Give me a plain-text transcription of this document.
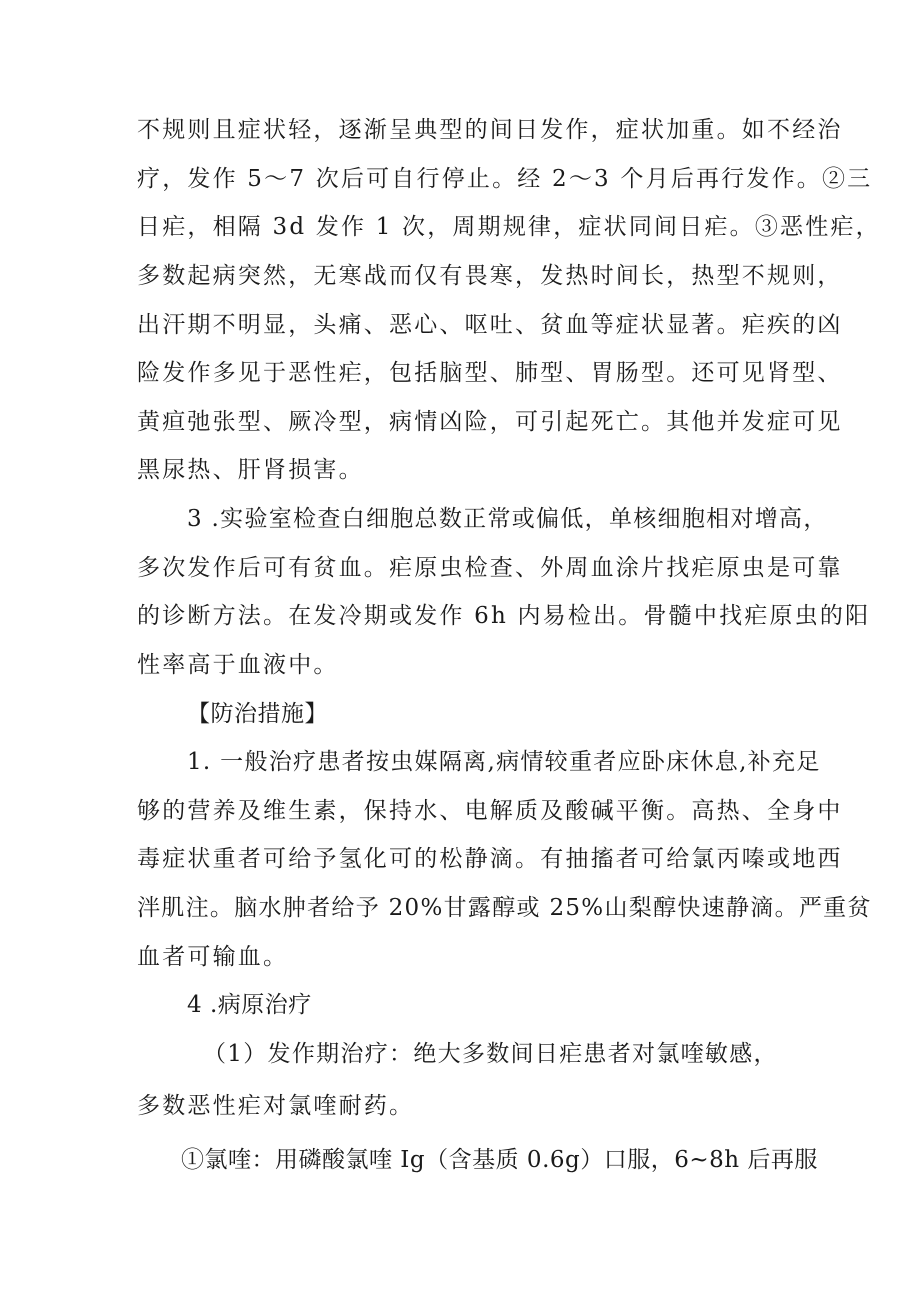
不规则且症状轻，逐渐呈典型的间日发作，症状加重。如不经治
疗，发作 5～7 次后可自行停止。经 2～3 个月后再行发作。②三
日疟，相隔 3d 发作 1 次，周期规律，症状同间日疟。③恶性疟，
多数起病突然，无寒战而仅有畏寒，发热时间长，热型不规则，
出汗期不明显，头痛、恶心、呕吐、贫血等症状显著。疟疾的凶
险发作多见于恶性疟，包括脑型、肺型、胃肠型。还可见肾型、
黄疸弛张型、厥冷型，病情凶险，可引起死亡。其他并发症可见
黑尿热、肝肾损害。
3 .实验室检查白细胞总数正常或偏低，单核细胞相对增高，
多次发作后可有贫血。疟原虫检查、外周血涂片找疟原虫是可靠
的诊断方法。在发冷期或发作 6h 内易检出。骨髓中找疟原虫的阳
性率高于血液中。
【防治措施】
1. 一般治疗患者按虫媒隔离,病情较重者应卧床休息,补充足
够的营养及维生素，保持水、电解质及酸碱平衡。高热、全身中
毒症状重者可给予氢化可的松静滴。有抽搐者可给氯丙嗪或地西
泮肌注。脑水肿者给予 20%甘露醇或 25%山梨醇快速静滴。严重贫
血者可输血。
4 .病原治疗
（1）发作期治疗：绝大多数间日疟患者对氯喹敏感，
多数恶性疟对氯喹耐药。
①氯喹：用磷酸氯喹 Ig（含基质 0.6g）口服，6~8h 后再服
